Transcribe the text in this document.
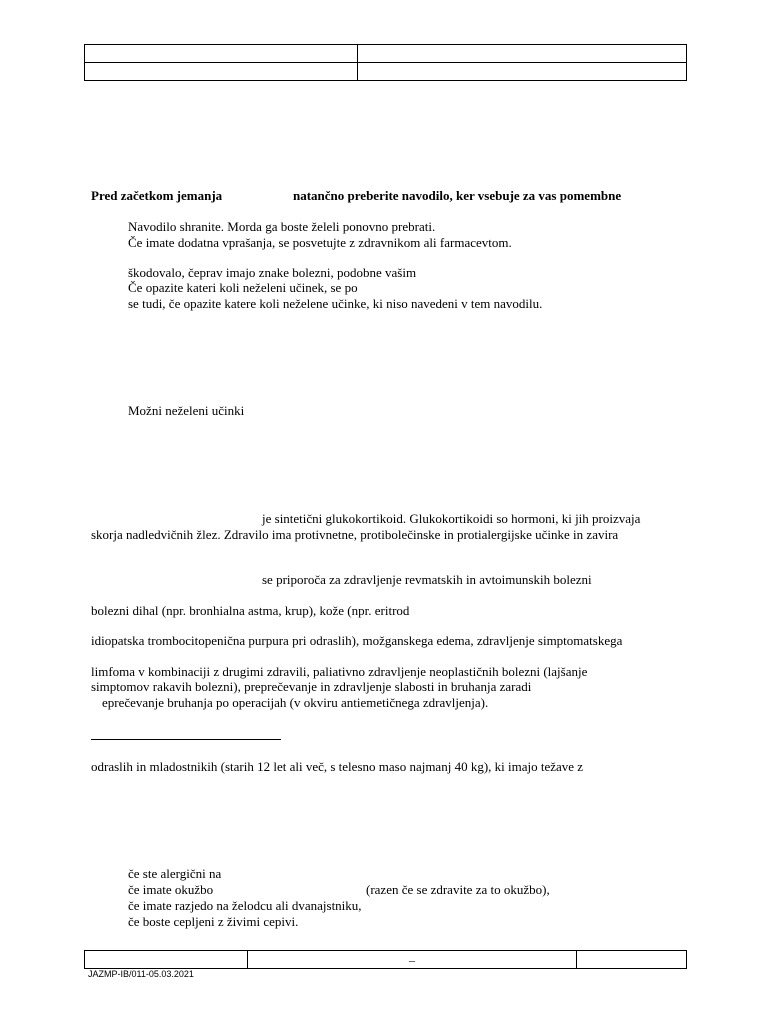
Pred začetkom jemanja	natančno preberite navodilo, ker vsebuje za vas pomembne
Navodilo shranite. Morda ga boste želeli ponovno prebrati.
Če imate dodatna vprašanja, se posvetujte z zdravnikom ali farmacevtom.
škodovalo, čeprav imajo znake bolezni, podobne vašim
Če opazite kateri koli neželeni učinek, se po
se tudi, če opazite katere koli neželene učinke, ki niso navedeni v tem navodilu.
Možni neželeni učinki
je sintetični glukokortikoid. Glukokortikoidi so hormoni, ki jih proizvaja
skorja nadledvičnih žlez. Zdravilo ima protivnetne, protibolečinske in protialergijske učinke in zavira
se priporoča za zdravljenje revmatskih in avtoimunskih bolezni
bolezni dihal (npr. bronhialna astma, krup), kože (npr. eritrod
idiopatska trombocitopenična purpura pri odraslih), možganskega edema, zdravljenje simptomatskega
limfoma v kombinaciji z drugimi zdravili, paliativno zdravljenje neoplastičnih bolezni (lajšanje
simptomov rakavih bolezni), preprečevanje in zdravljenje slabosti in bruhanja zaradi
eprečevanje bruhanja po operacijah (v okviru antiemetičnega zdravljenja).
odraslih in mladostnikih (starih 12 let ali več, s telesno maso najmanj 40 kg), ki imajo težave z
če ste alergični na
če imate okužbo	(razen če se zdravite za to okužbo),
če imate razjedo na želodcu ali dvanajstniku,
če boste cepljeni z živimi cepivi.
	–	
JAZMP-IB/011-05.03.2021
